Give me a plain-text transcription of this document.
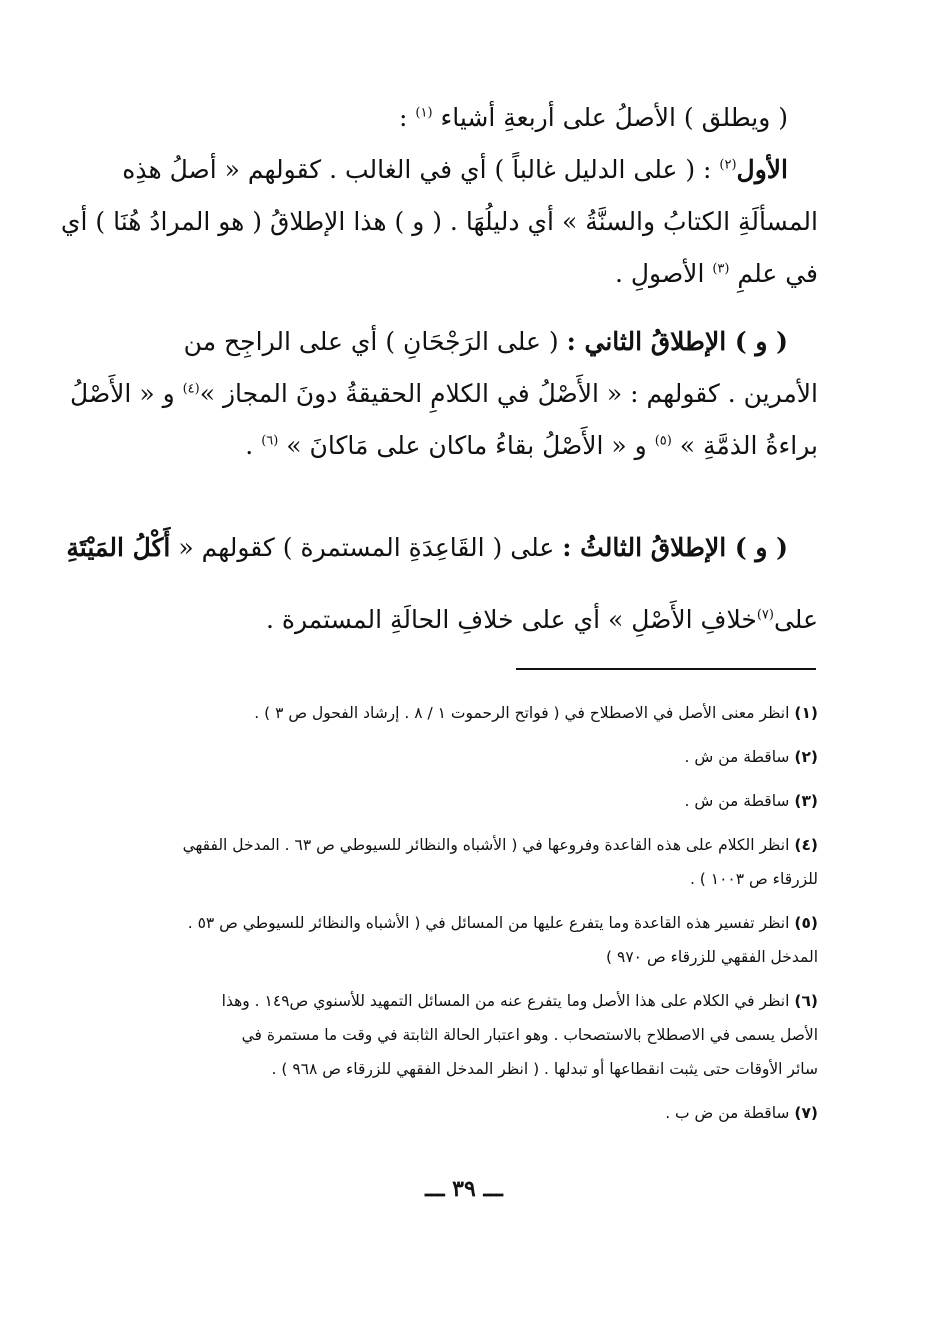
( ويطلق ) الأصلُ على أربعةِ أشياء $^{(١)}$ :
الأول$^{(٢)}$ : ( على الدليل غالباً ) أي في الغالب . كقولهم « أصلُ هذِه
المسألَةِ الكتابُ والسنَّةُ » أي دليلُهَا . ( و ) هذا الإطلاقُ ( هو المرادُ هُنَا ) أي
في علمِ $^{(٣)}$ الأصولِ .
( و ) الإطلاقُ الثاني : ( على الرَجْحَانِ ) أي على الراجِح من
الأمرين . كقولهم : « الأَصْلُ في الكلامِ الحقيقةُ دونَ المجاز »$^{(٤)}$ و « الأَصْلُ
براءةُ الذمَّةِ » $^{(٥)}$ و « الأَصْلُ بقاءُ ماكان على مَاكانَ » $^{(٦)}$ .
( و ) الإطلاقُ الثالثُ : على ( القَاعِدَةِ المستمرة ) كقولهم « أَكْلُ المَيْتَةِ
على$^{(٧)}$خلافِ الأَصْلِ » أي على خلافِ الحالَةِ المستمرة .
(١) انظر معنى الأصل في الاصطلاح في ( فواتح الرحموت ١ / ٨ . إرشاد الفحول ص ٣ ) .
(٢) ساقطة من ش .
(٣) ساقطة من ش .
(٤) انظر الكلام على هذه القاعدة وفروعها في ( الأشباه والنظائر للسيوطي ص ٦٣ . المدخل الفقهي
للزرقاء ص ١٠٠٣ ) .
(٥) انظر تفسير هذه القاعدة وما يتفرع عليها من المسائل في ( الأشباه والنظائر للسيوطي ص ٥٣ .
المدخل الفقهي للزرقاء ص ٩٧٠ )
(٦) انظر في الكلام على هذا الأصل وما يتفرع عنه من المسائل التمهيد للأسنوي ص١٤٩ . وهذا
الأصل يسمى في الاصطلاح بالاستصحاب . وهو اعتبار الحالة الثابتة في وقت ما مستمرة في
سائر الأوقات حتى يثبت انقطاعها أو تبدلها . ( انظر المدخل الفقهي للزرقاء ص ٩٦٨ ) .
(٧) ساقطة من ض ب .
ـــ ٣٩ ـــ
